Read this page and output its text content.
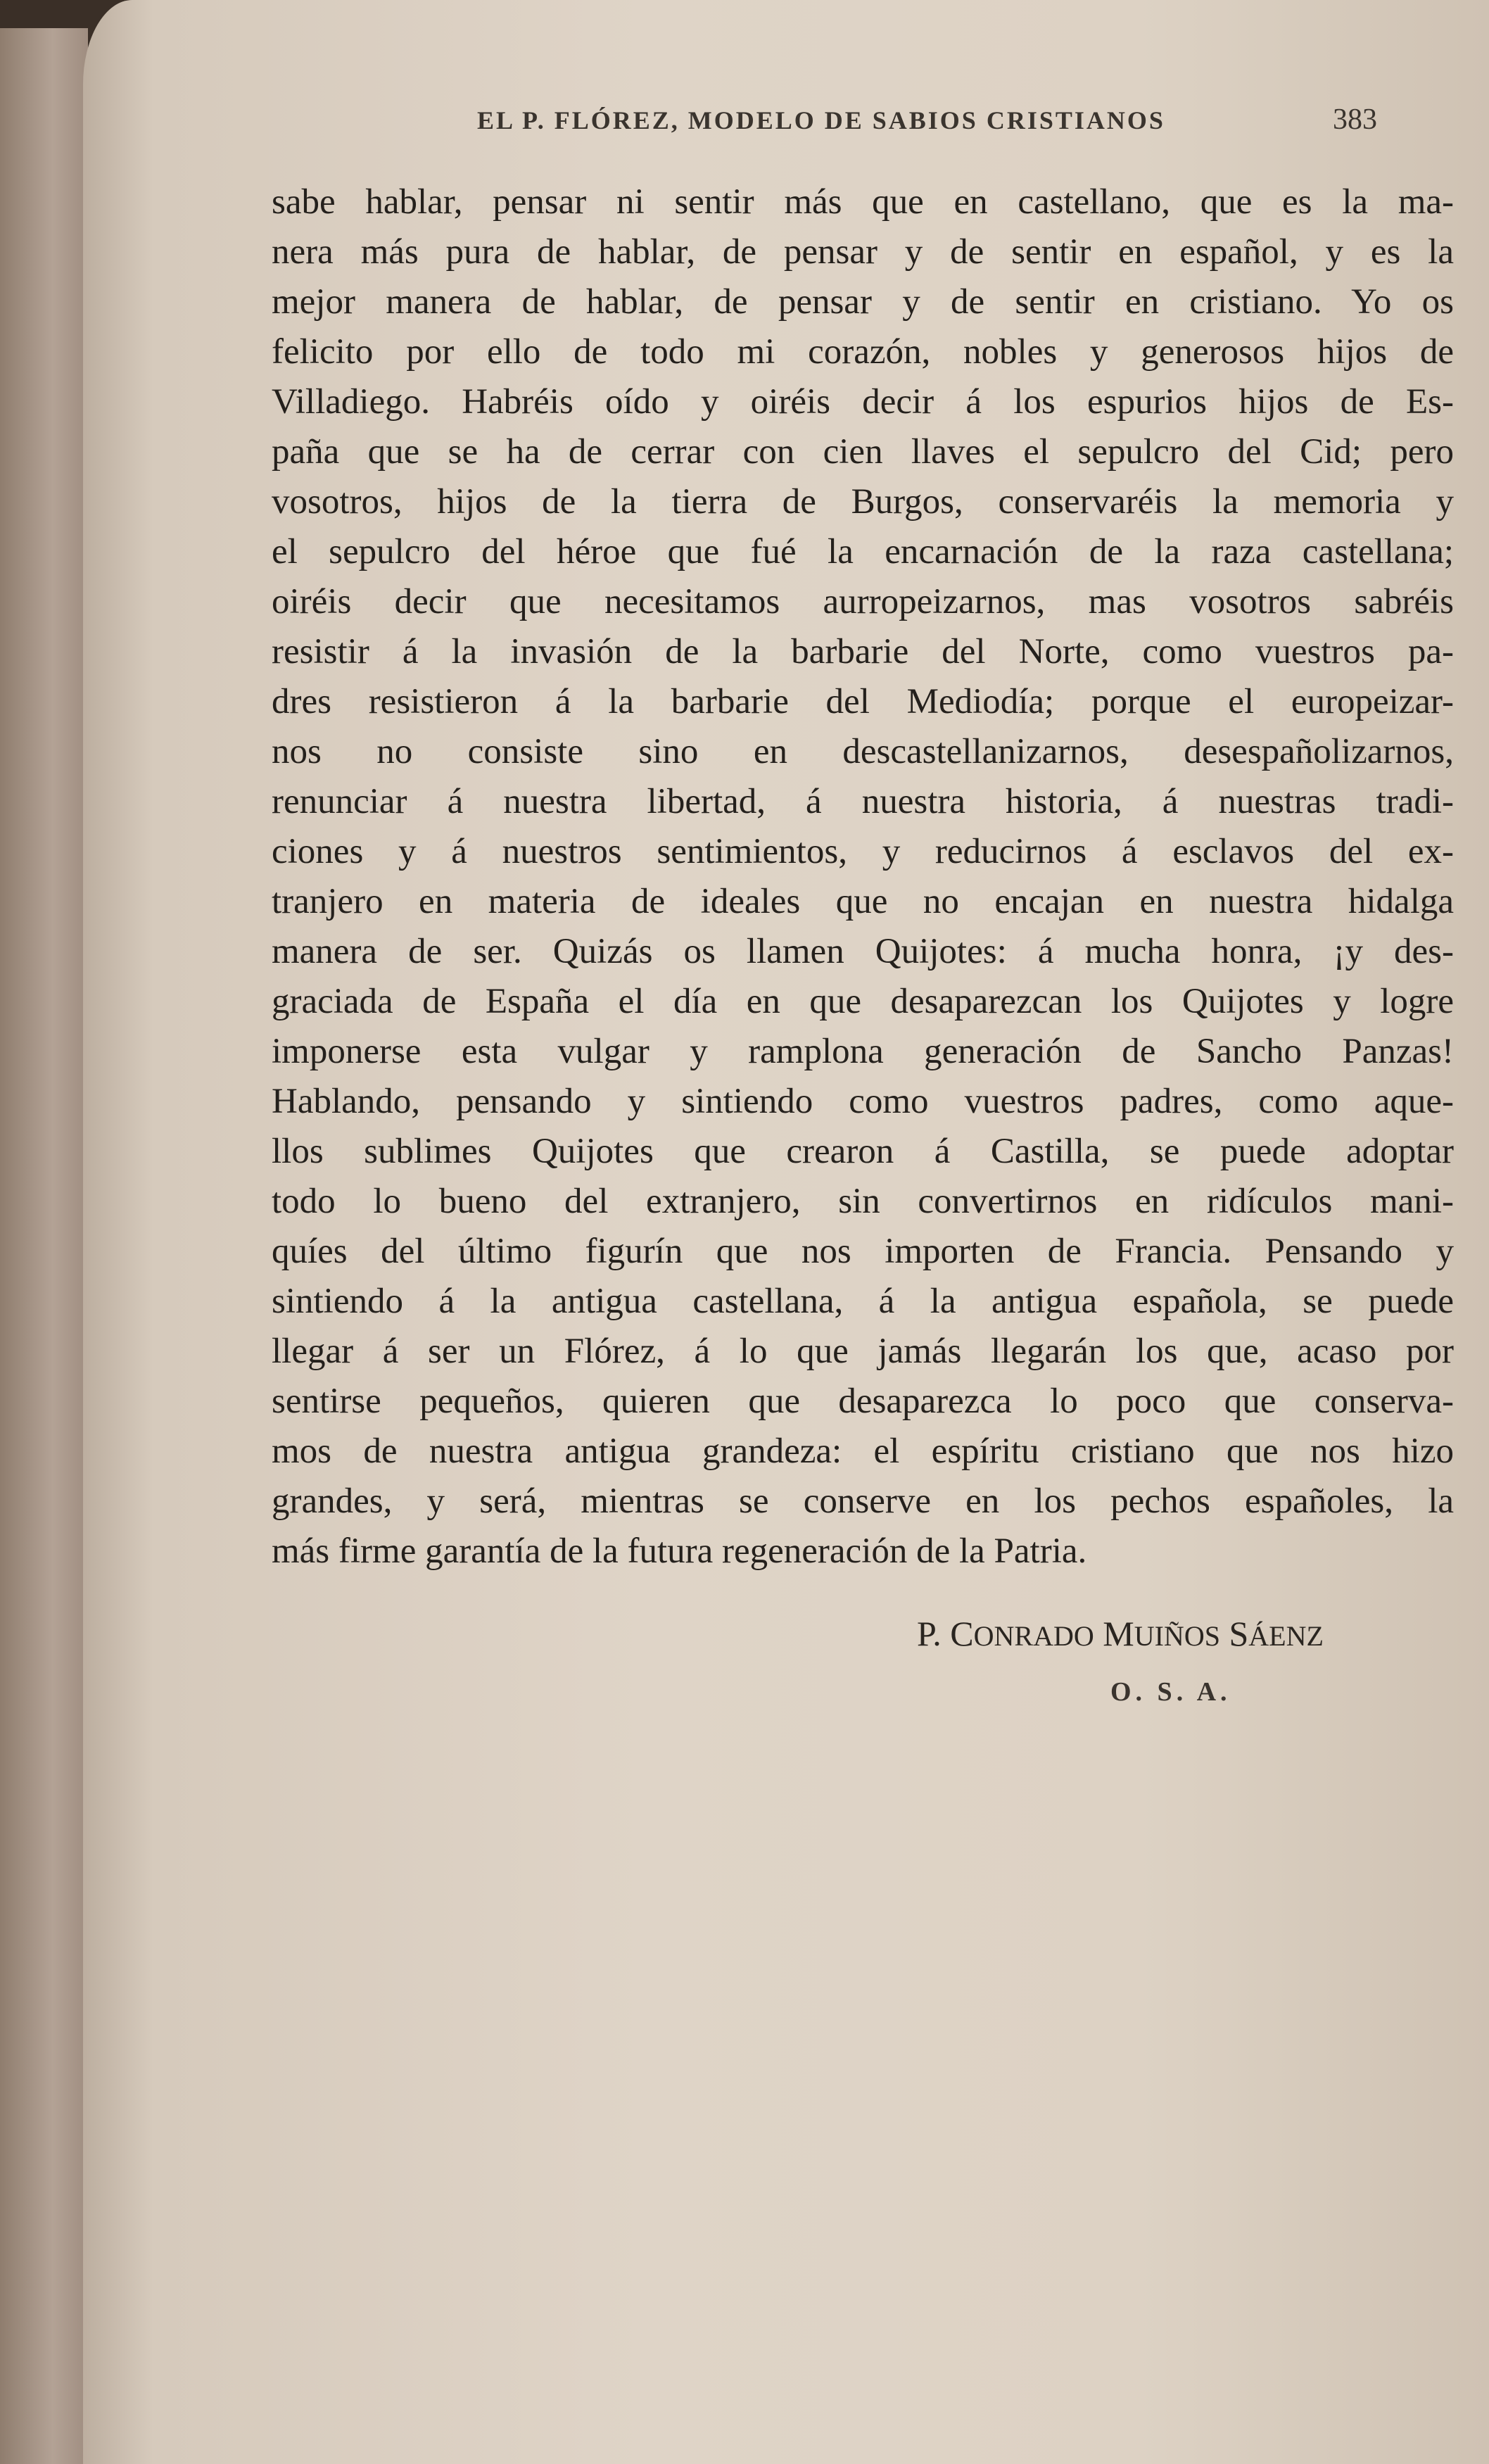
EL P. FLÓREZ, MODELO DE SABIOS CRISTIANOS	383
sabe hablar, pensar ni sentir más que en castellano, que es la ma-
nera más pura de hablar, de pensar y de sentir en español, y es la
mejor manera de hablar, de pensar y de sentir en cristiano. Yo os
felicito por ello de todo mi corazón, nobles y generosos hijos de
Villadiego. Habréis oído y oiréis decir á los espurios hijos de Es-
paña que se ha de cerrar con cien llaves el sepulcro del Cid; pero
vosotros, hijos de la tierra de Burgos, conservaréis la memoria y
el sepulcro del héroe que fué la encarnación de la raza castellana;
oiréis decir que necesitamos aurropeizarnos, mas vosotros sabréis
resistir á la invasión de la barbarie del Norte, como vuestros pa-
dres resistieron á la barbarie del Mediodía; porque el europeizar-
nos no consiste sino en descastellanizarnos, desespañolizarnos,
renunciar á nuestra libertad, á nuestra historia, á nuestras tradi-
ciones y á nuestros sentimientos, y reducirnos á esclavos del ex-
tranjero en materia de ideales que no encajan en nuestra hidalga
manera de ser. Quizás os llamen Quijotes: á mucha honra, ¡y des-
graciada de España el día en que desaparezcan los Quijotes y logre
imponerse esta vulgar y ramplona generación de Sancho Panzas!
Hablando, pensando y sintiendo como vuestros padres, como aque-
llos sublimes Quijotes que crearon á Castilla, se puede adoptar
todo lo bueno del extranjero, sin convertirnos en ridículos mani-
quíes del último figurín que nos importen de Francia. Pensando y
sintiendo á la antigua castellana, á la antigua española, se puede
llegar á ser un Flórez, á lo que jamás llegarán los que, acaso por
sentirse pequeños, quieren que desaparezca lo poco que conserva-
mos de nuestra antigua grandeza: el espíritu cristiano que nos hizo
grandes, y será, mientras se conserve en los pechos españoles, la
más firme garantía de la futura regeneración de la Patria.
P. CONRADO MUIÑOS SÁENZ
O. S. A.
